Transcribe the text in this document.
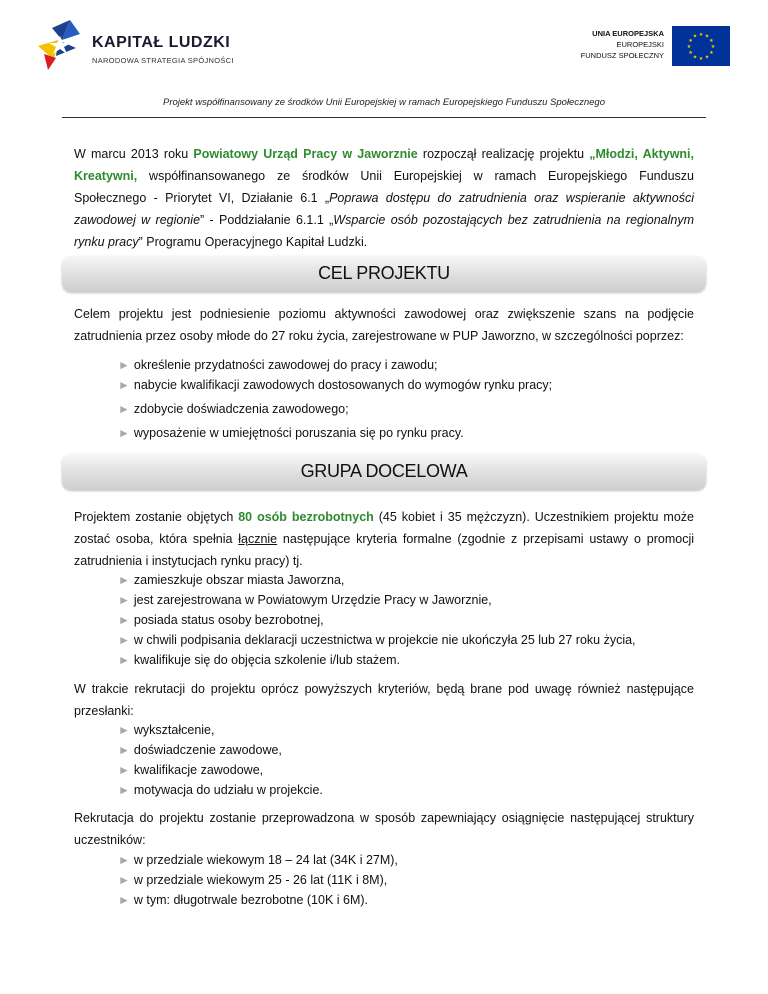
KAPITAŁ LUDZKI
NARODOWA STRATEGIA SPÓJNOŚCI
UNIA EUROPEJSKA
EUROPEJSKI
FUNDUSZ SPOŁECZNY
★
★
★
★
★
★
★
★
★ ★ ★
★
Projekt współfinansowany ze środków Unii Europejskiej w ramach Europejskiego Funduszu Społecznego
W marcu 2013 roku Powiatowy Urząd Pracy w Jaworznie rozpoczął realizację projektu „Młodzi, Aktywni, Kreatywni, współfinansowanego ze środków Unii Europejskiej w ramach Europejskiego Funduszu Społecznego - Priorytet VI, Działanie 6.1 „Poprawa dostępu do zatrudnienia oraz wspieranie aktywności zawodowej w regionie” - Poddziałanie 6.1.1 „Wsparcie osób pozostających bez zatrudnienia na regionalnym rynku pracy” Programu Operacyjnego Kapitał Ludzki.
CEL PROJEKTU
Celem projektu jest podniesienie poziomu aktywności zawodowej oraz zwiększenie szans na podjęcie zatrudnienia przez osoby młode do 27 roku życia, zarejestrowane w PUP Jaworzno, w szczególności poprzez:
► określenie przydatności zawodowej do pracy i zawodu;
► nabycie kwalifikacji zawodowych dostosowanych do wymogów rynku pracy;
► zdobycie doświadczenia zawodowego;
► wyposażenie w umiejętności poruszania się po rynku pracy.
GRUPA DOCELOWA
Projektem zostanie objętych 80 osób bezrobotnych (45 kobiet i 35 mężczyzn). Uczestnikiem projektu może zostać osoba, która spełnia łącznie następujące kryteria formalne (zgodnie z przepisami ustawy o promocji zatrudnienia i instytucjach rynku pracy) tj.
► zamieszkuje obszar miasta Jaworzna,
► jest zarejestrowana w Powiatowym Urzędzie Pracy w Jaworznie,
► posiada status osoby bezrobotnej,
► w chwili podpisania deklaracji uczestnictwa w projekcie nie ukończyła 25 lub 27 roku życia,
► kwalifikuje się do objęcia szkolenie i/lub stażem.
W trakcie rekrutacji do projektu oprócz powyższych kryteriów, będą brane pod uwagę również następujące przesłanki:
► wykształcenie,
► doświadczenie zawodowe,
► kwalifikacje zawodowe,
► motywacja do udziału w projekcie.
Rekrutacja do projektu zostanie przeprowadzona w sposób zapewniający osiągnięcie następującej struktury uczestników:
► w przedziale wiekowym 18 – 24 lat (34K i 27M),
► w przedziale wiekowym 25 - 26 lat (11K i 8M),
► w tym: długotrwale bezrobotne (10K i 6M).
